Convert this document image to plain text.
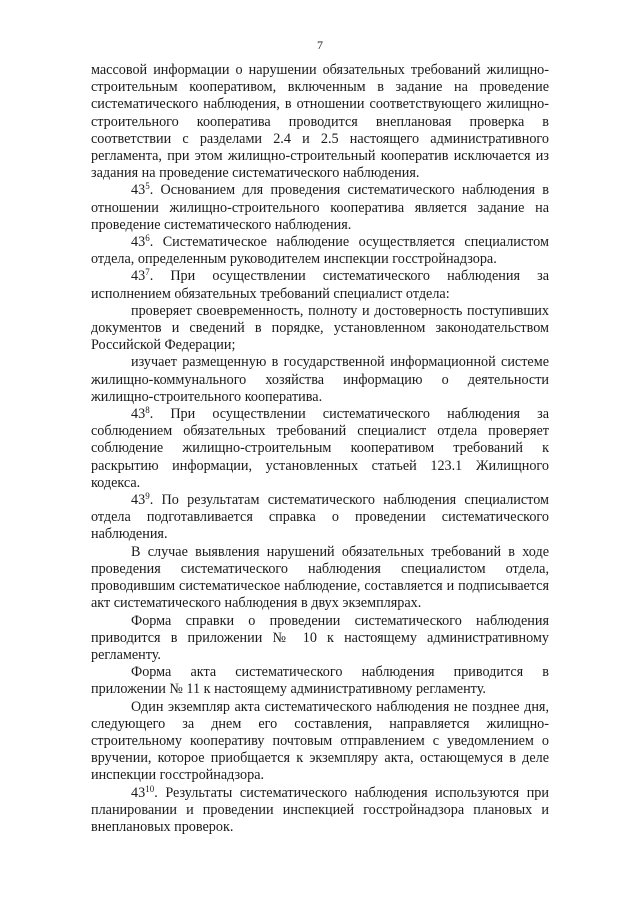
7

массовой информации о нарушении обязательных требований жилищно-строительным кооперативом, включенным в задание на проведение систематического наблюдения, в отношении соответствующего жилищно-строительного кооператива проводится внеплановая проверка в соответствии с разделами 2.4 и 2.5 настоящего административного регламента, при этом жилищно-строительный кооператив исключается из задания на проведение систематического наблюдения.

$43^5$. Основанием для проведения систематического наблюдения в отношении жилищно-строительного кооператива является задание на проведение систематического наблюдения.

$43^6$. Систематическое наблюдение осуществляется специалистом отдела, определенным руководителем инспекции госстройнадзора.

$43^7$. При осуществлении систематического наблюдения за исполнением обязательных требований специалист отдела:

проверяет своевременность, полноту и достоверность поступивших документов и сведений в порядке, установленном законодательством Российской Федерации;

изучает размещенную в государственной информационной системе жилищно-коммунального хозяйства информацию о деятельности жилищно-строительного кооператива.

$43^8$. При осуществлении систематического наблюдения за соблюдением обязательных требований специалист отдела проверяет соблюдение жилищно-строительным кооперативом требований к раскрытию информации, установленных статьей 123.1 Жилищного кодекса.

$43^9$. По результатам систематического наблюдения специалистом отдела подготавливается справка о проведении систематического наблюдения.

В случае выявления нарушений обязательных требований в ходе проведения систематического наблюдения специалистом отдела, проводившим систематическое наблюдение, составляется и подписывается акт систематического наблюдения в двух экземплярах.

Форма справки о проведении систематического наблюдения приводится в приложении № 10 к настоящему административному регламенту.

Форма акта систематического наблюдения приводится в приложении № 11 к настоящему административному регламенту.

Один экземпляр акта систематического наблюдения не позднее дня, следующего за днем его составления, направляется жилищно-строительному кооперативу почтовым отправлением с уведомлением о вручении, которое приобщается к экземпляру акта, остающемуся в деле инспекции госстройнадзора.

$43^{10}$. Результаты систематического наблюдения используются при планировании и проведении инспекцией госстройнадзора плановых и внеплановых проверок.
